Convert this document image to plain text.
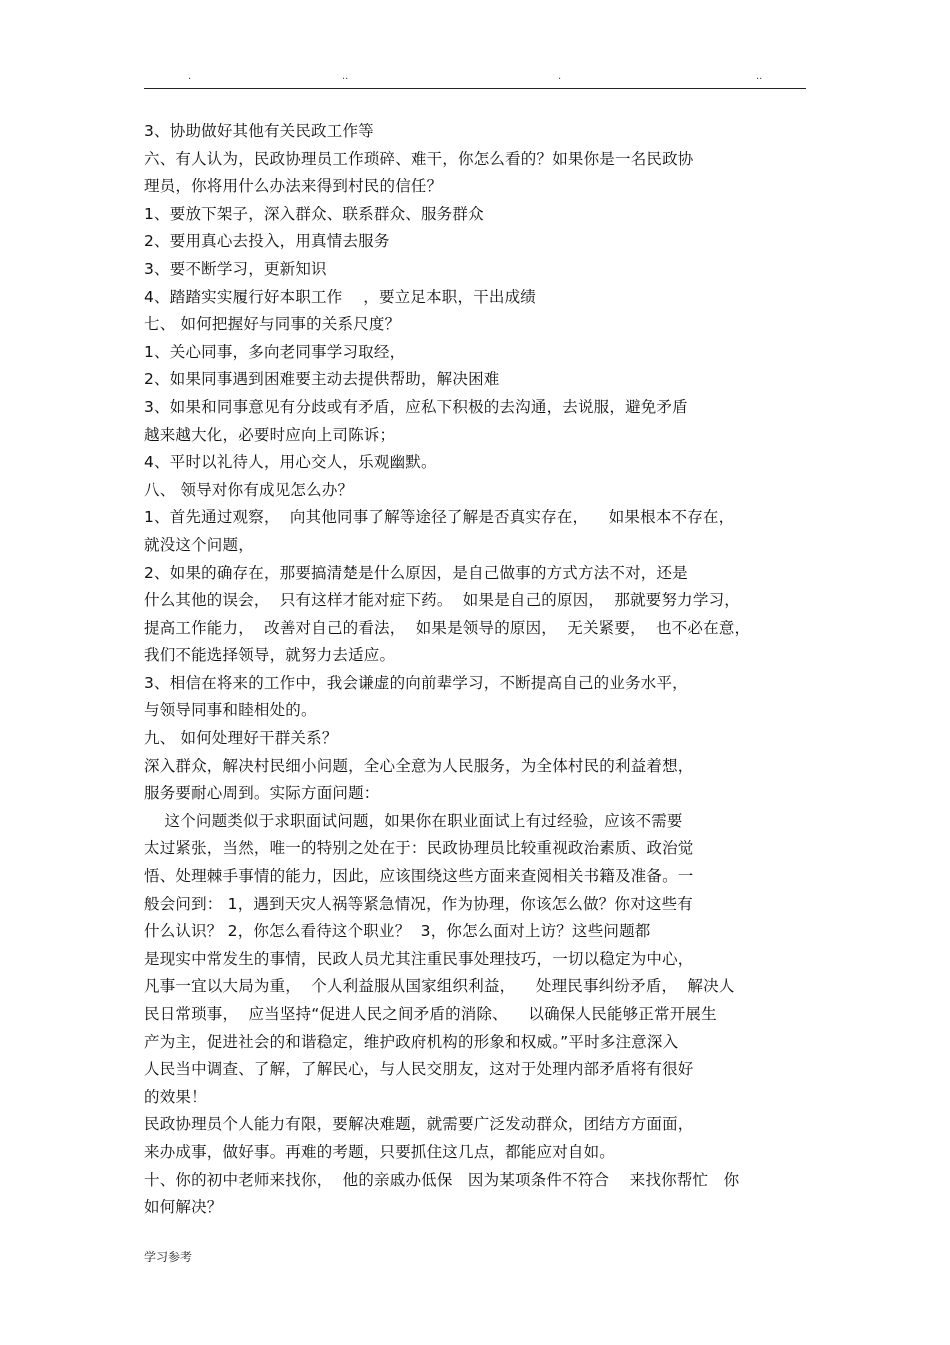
.	..	.	..
3、协助做好其他有关民政工作等
六、有人认为，民政协理员工作琐碎、难干，你怎么看的？如果你是一名民政协
理员，你将用什么办法来得到村民的信任？
1、要放下架子，深入群众、联系群众、服务群众
2、要用真心去投入，用真情去服务
3、要不断学习，更新知识
4、踏踏实实履行好本职工作　 ，要立足本职，干出成绩
七、 如何把握好与同事的关系尺度？
1、关心同事，多向老同事学习取经，
2、如果同事遇到困难要主动去提供帮助，解决困难
3、如果和同事意见有分歧或有矛盾，应私下积极的去沟通，去说服，避免矛盾
越来越大化，必要时应向上司陈诉；
4、平时以礼待人，用心交人，乐观幽默。
八、 领导对你有成见怎么办？
1、首先通过观察，  向其他同事了解等途径了解是否真实存在，    如果根本不存在，
就没这个问题，
2、如果的确存在，那要搞清楚是什么原因，是自己做事的方式方法不对，还是
什么其他的误会，  只有这样才能对症下药。  如果是自己的原因，  那就要努力学习，
提高工作能力，  改善对自己的看法，  如果是领导的原因，  无关紧要，  也不必在意，
我们不能选择领导，就努力去适应。
3、相信在将来的工作中，我会谦虚的向前辈学习，不断提高自己的业务水平，
与领导同事和睦相处的。
九、 如何处理好干群关系？
深入群众，解决村民细小问题，全心全意为人民服务，为全体村民的利益着想，
服务要耐心周到。实际方面问题：
这个问题类似于求职面试问题，如果你在职业面试上有过经验，应该不需要
太过紧张，当然，唯一的特别之处在于：民政协理员比较重视政治素质、政治觉
悟、处理棘手事情的能力，因此，应该围绕这些方面来查阅相关书籍及准备。一
般会问到： 1，遇到天灾人祸等紧急情况，作为协理，你该怎么做？你对这些有
什么认识？ 2，你怎么看待这个职业？  3，你怎么面对上访？这些问题都
是现实中常发生的事情，民政人员尤其注重民事处理技巧，一切以稳定为中心，
凡事一宜以大局为重，  个人利益服从国家组织利益，    处理民事纠纷矛盾，  解决人
民日常琐事，  应当坚持“促进人民之间矛盾的消除、    以确保人民能够正常开展生
产为主，促进社会的和谐稳定，维护政府机构的形象和权威。”平时多注意深入
人民当中调查、了解，了解民心，与人民交朋友，这对于处理内部矛盾将有很好
的效果！
民政协理员个人能力有限，要解决难题，就需要广泛发动群众，团结方方面面，
来办成事，做好事。再难的考题，只要抓住这几点，都能应对自如。
十、你的初中老师来找你，  他的亲戚办低保   因为某项条件不符合    来找你帮忙   你
如何解决？
学习参考
